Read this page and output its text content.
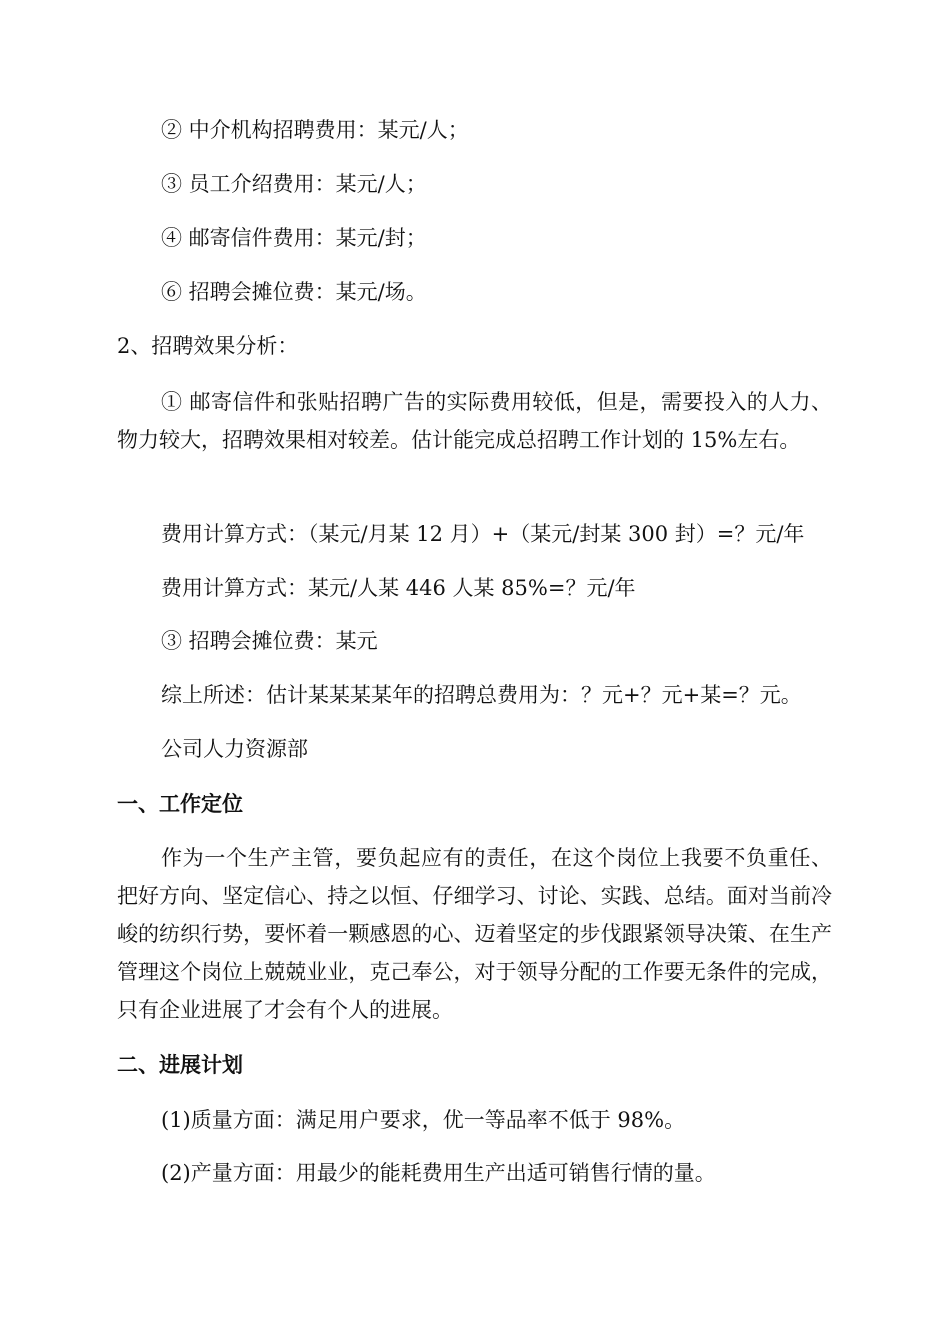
② 中介机构招聘费用：某元/人；
③ 员工介绍费用：某元/人；
④ 邮寄信件费用：某元/封；
⑥ 招聘会摊位费：某元/场。
2、招聘效果分析：
① 邮寄信件和张贴招聘广告的实际费用较低，但是，需要投入的人力、物力较大，招聘效果相对较差。估计能完成总招聘工作计划的 15%左右。
费用计算方式：（某元/月某 12 月）+（某元/封某 300 封）=？元/年
费用计算方式：某元/人某 446 人某 85%=？元/年
③ 招聘会摊位费：某元
综上所述：估计某某某某年的招聘总费用为：？元+？元+某=？元。
公司人力资源部
一、工作定位
作为一个生产主管，要负起应有的责任，在这个岗位上我要不负重任、把好方向、坚定信心、持之以恒、仔细学习、讨论、实践、总结。面对当前冷峻的纺织行势，要怀着一颗感恩的心、迈着坚定的步伐跟紧领导决策、在生产管理这个岗位上兢兢业业，克己奉公，对于领导分配的工作要无条件的完成，只有企业进展了才会有个人的进展。
二、进展计划
(1)质量方面：满足用户要求，优一等品率不低于 98%。
(2)产量方面：用最少的能耗费用生产出适可销售行情的量。
